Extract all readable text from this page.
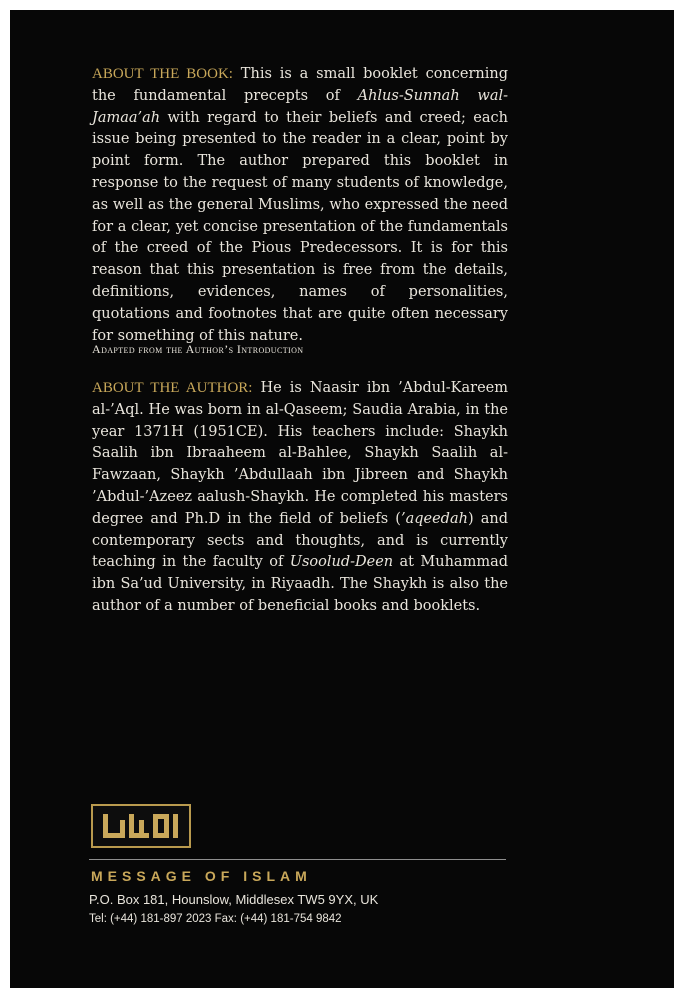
ABOUT THE BOOK: This is a small booklet concerning the fundamental precepts of Ahlus-Sunnah wal-Jamaa’ah with regard to their beliefs and creed; each issue being presented to the reader in a clear, point by point form. The author prepared this booklet in response to the request of many students of knowledge, as well as the general Muslims, who expressed the need for a clear, yet concise presentation of the fundamentals of the creed of the Pious Predecessors. It is for this reason that this presentation is free from the details, definitions, evidences, names of personalities, quotations and footnotes that are quite often necessary for something of this nature.

Adapted from the Author’s Introduction

ABOUT THE AUTHOR: He is Naasir ibn ’Abdul-Kareem al-’Aql. He was born in al-Qaseem; Saudia Arabia, in the year 1371H (1951CE). His teachers include: Shaykh Saalih ibn Ibraaheem al-Bahlee, Shaykh Saalih al-Fawzaan, Shaykh ’Abdullaah ibn Jibreen and Shaykh ’Abdul-’Azeez aalush-Shaykh. He completed his masters degree and Ph.D in the field of beliefs (’aqeedah) and contemporary sects and thoughts, and is currently teaching in the faculty of Usoolud-Deen at Muhammad ibn Sa’ud University, in Riyaadh. The Shaykh is also the author of a number of beneficial books and booklets.

MESSAGE OF ISLAM
P.O. Box 181, Hounslow, Middlesex TW5 9YX, UK
Tel: (+44) 181-897 2023 Fax: (+44) 181-754 9842
